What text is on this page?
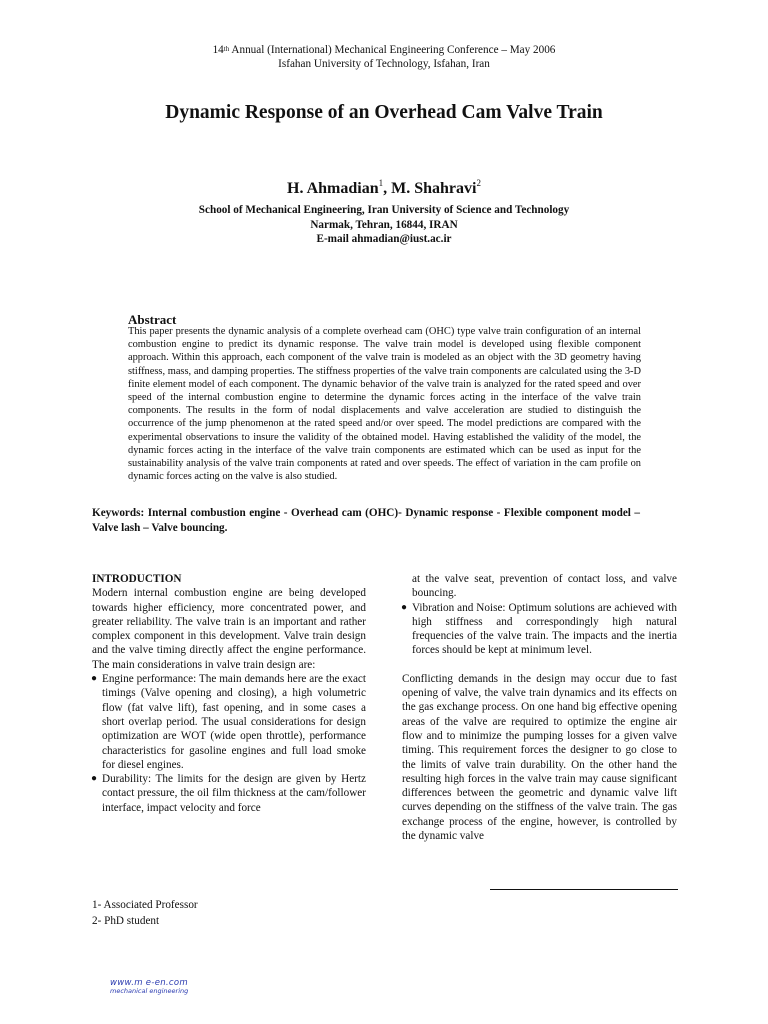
14th Annual (International) Mechanical Engineering Conference – May 2006
Isfahan University of Technology, Isfahan, Iran
Dynamic Response of an Overhead Cam Valve Train
H. Ahmadian$^1$, M. Shahravi$^2$
School of Mechanical Engineering, Iran University of Science and Technology
Narmak, Tehran, 16844, IRAN
E-mail ahmadian@iust.ac.ir
Abstract
This paper presents the dynamic analysis of a complete overhead cam (OHC) type valve train configuration of an internal combustion engine to predict its dynamic response. The valve train model is developed using flexible component approach. Within this approach, each component of the valve train is modeled as an object with the 3D geometry having stiffness, mass, and damping properties. The stiffness properties of the valve train components are calculated using the 3-D finite element model of each component. The dynamic behavior of the valve train is analyzed for the rated speed and over speed of the internal combustion engine to determine the dynamic forces acting in the interface of the valve train components. The results in the form of nodal displacements and valve acceleration are studied to distinguish the occurrence of the jump phenomenon at the rated speed and/or over speed. The model predictions are compared with the experimental observations to insure the validity of the obtained model. Having established the validity of the model, the dynamic forces acting in the interface of the valve train components are estimated which can be used as input for the sustainability analysis of the valve train components at rated and over speeds. The effect of variation in the cam profile on dynamic forces acting on the valve is also studied.
Keywords: Internal combustion engine - Overhead cam (OHC)- Dynamic response - Flexible component model – Valve lash – Valve bouncing.
INTRODUCTION

Modern internal combustion engine are being developed towards higher efficiency, more concentrated power, and greater reliability. The valve train is an important and rather complex component in this development. Valve train design and the valve timing directly affect the engine performance. The main considerations in valve train design are:

● Engine performance: The main demands here are the exact timings (Valve opening and closing), a high volumetric flow (fat valve lift), fast opening, and in some cases a short overlap period. The usual considerations for design optimization are WOT (wide open throttle), performance characteristics for gasoline engines and full load smoke for diesel engines.
● Durability: The limits for the design are given by Hertz contact pressure, the oil film thickness at the cam/follower interface, impact velocity and force
at the valve seat, prevention of contact loss, and valve bouncing.
● Vibration and Noise: Optimum solutions are achieved with high stiffness and correspondingly high natural frequencies of the valve train. The impacts and the inertia forces should be kept at minimum level.

Conflicting demands in the design may occur due to fast opening of valve, the valve train dynamics and its effects on the gas exchange process. On one hand big effective opening areas of the valve are required to optimize the engine air flow and to minimize the pumping losses for a given valve timing. This requirement forces the designer to go close to the limits of valve train durability. On the other hand the resulting high forces in the valve train may cause significant differences between the geometric and dynamic valve lift curves depending on the stiffness of the valve train. The gas exchange process of the engine, however, is controlled by the dynamic valve

1- Associated Professor
2- PhD student
www.m e-en.com
mechanical engineering
